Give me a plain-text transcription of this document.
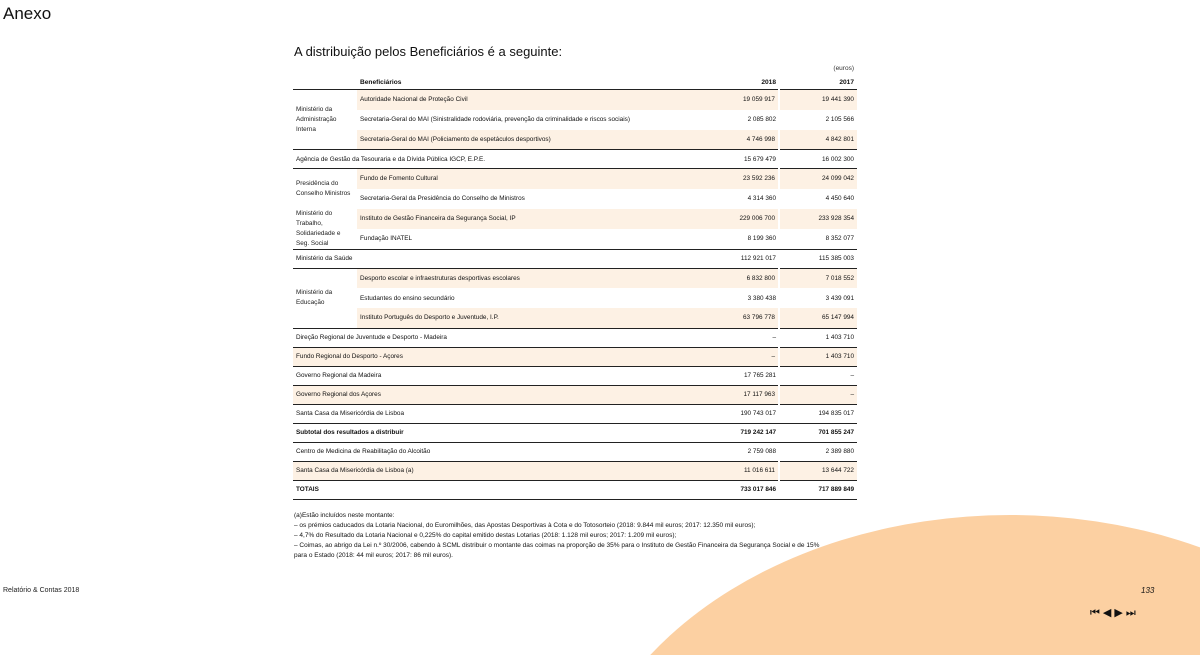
Anexo
A distribuição pelos Beneficiários é a seguinte:
(euros)
	Beneficiários	2018	2017
Ministério da Administração Interna	Autoridade Nacional de Proteção Civil	19 059 917	19 441 390
	Secretaria-Geral do MAI (Sinistralidade rodoviária, prevenção da criminalidade e riscos sociais)	2 085 802	2 105 566
	Secretaria-Geral do MAI (Policiamento de espetáculos desportivos)	4 746 998	4 842 801
Agência de Gestão da Tesouraria e da Dívida Pública IGCP, E.P.E.		15 679 479	16 002 300
Presidência do Conselho Ministros	Fundo de Fomento Cultural	23 592 236	24 099 042
	Secretaria-Geral da Presidência do Conselho de Ministros	4 314 360	4 450 640
Ministério do Trabalho, Solidariedade e Seg. Social	Instituto de Gestão Financeira da Segurança Social, IP	229 006 700	233 928 354
	Fundação INATEL	8 199 360	8 352 077
Ministério da Saúde		112 921 017	115 385 003
Ministério da Educação	Desporto escolar e infraestruturas desportivas escolares	6 832 800	7 018 552
	Estudantes do ensino secundário	3 380 438	3 439 091
	Instituto Português do Desporto e Juventude, I.P.	63 796 778	65 147 994
Direção Regional de Juventude e Desporto - Madeira		–	1 403 710
Fundo Regional do Desporto - Açores		–	1 403 710
Governo Regional da Madeira		17 765 281	–
Governo Regional dos Açores		17 117 963	–
Santa Casa da Misericórdia de Lisboa		190 743 017	194 835 017
Subtotal dos resultados a distribuir		719 242 147	701 855 247
Centro de Medicina de Reabilitação do Alcoitão		2 759 088	2 389 880
Santa Casa da Misericórdia de Lisboa (a)		11 016 611	13 644 722
TOTAIS		733 017 846	717 889 849
(a)Estão incluídos neste montante:
– os prémios caducados da Lotaria Nacional, do Euromilhões, das Apostas Desportivas à Cota e do Totosorteio (2018: 9.844 mil euros; 2017: 12.350 mil euros);
– 4,7% do Resultado da Lotaria Nacional e 0,225% do capital emitido destas Lotarias (2018: 1.128 mil euros; 2017: 1.209 mil euros);
– Coimas, ao abrigo da Lei n.º 30/2006, cabendo à SCML distribuir o montante das coimas na proporção de 35% para o Instituto de Gestão Financeira da Segurança Social e de 15%
para o Estado (2018: 44 mil euros; 2017: 86 mil euros).
Relatório & Contas 2018	133
⏮ ◀ ▶ ⏭
